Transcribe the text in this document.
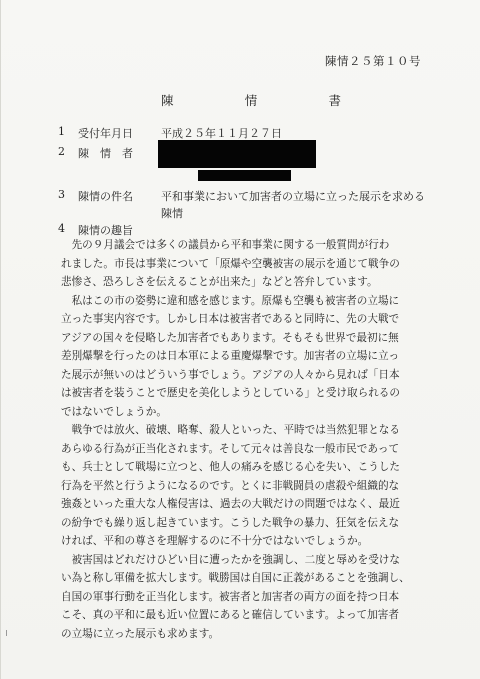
陳情２５第１０号
陳	情	書
1 受付年月日	平成２５年１１月２７日
2 陳　情　者
3 陳情の件名	平和事業において加害者の立場に立った展示を求める
陳情
4 陳情の趣旨

先の９月議会では多くの議員から平和事業に関する一般質問が行わ

れました。市長は事業について「原爆や空襲被害の展示を通じて戦争の

悲惨さ、恐ろしさを伝えることが出来た」などと答弁しています。

私はこの市の姿勢に違和感を感じます。原爆も空襲も被害者の立場に

立った事実内容です。しかし日本は被害者であると同時に、先の大戦で

アジアの国々を侵略した加害者でもあります。そもそも世界で最初に無

差別爆撃を行ったのは日本軍による重慶爆撃です。加害者の立場に立っ

た展示が無いのはどういう事でしょう。アジアの人々から見れば「日本

は被害者を装うことで歴史を美化しようとしている」と受け取られるの

ではないでしょうか。

戦争では放火、破壊、略奪、殺人といった、平時では当然犯罪となる

あらゆる行為が正当化されます。そして元々は善良な一般市民であって

も、兵士として戦場に立つと、他人の痛みを感じる心を失い、こうした

行為を平然と行うようになるのです。とくに非戦闘員の虐殺や組織的な

強姦といった重大な人権侵害は、過去の大戦だけの問題ではなく、最近

の紛争でも繰り返し起きています。こうした戦争の暴力、狂気を伝えな

ければ、平和の尊さを理解するのに不十分ではないでしょうか。

被害国はどれだけひどい目に遭ったかを強調し、二度と辱めを受けな

い為と称し軍備を拡大します。戦勝国は自国に正義があることを強調し、

自国の軍事行動を正当化します。被害者と加害者の両方の面を持つ日本

こそ、真の平和に最も近い位置にあると確信しています。よって加害者

の立場に立った展示も求めます。
